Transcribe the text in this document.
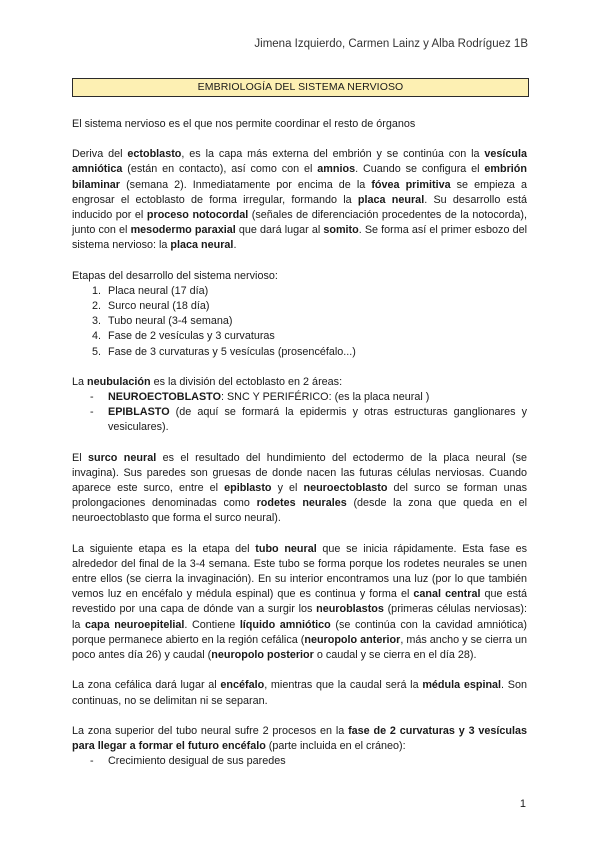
Jimena Izquierdo, Carmen Lainz y Alba Rodríguez 1B
EMBRIOLOGÍA DEL SISTEMA NERVIOSO

El sistema nervioso es el que nos permite coordinar el resto de órganos

Deriva del ectoblasto, es la capa más externa del embrión y se continúa con la vesícula amniótica (están en contacto), así como con el amnios. Cuando se configura el embrión bilaminar (semana 2). Inmediatamente por encima de la fóvea primitiva se empieza a engrosar el ectoblasto de forma irregular, formando la placa neural. Su desarrollo está inducido por el proceso notocordal (señales de diferenciación procedentes de la notocorda), junto con el mesodermo paraxial que dará lugar al somito. Se forma así el primer esbozo del sistema nervioso: la placa neural.

Etapas del desarrollo del sistema nervioso:

1. Placa neural (17 día)
2. Surco neural (18 día)
3. Tubo neural (3-4 semana)
4. Fase de 2 vesículas y 3 curvaturas
5. Fase de 3 curvaturas y 5 vesículas (prosencéfalo...)

La neubulación es la división del ectoblasto en 2 áreas:

- NEUROECTOBLASTO: SNC Y PERIFÉRICO: (es la placa neural )
- EPIBLASTO (de aquí se formará la epidermis y otras estructuras ganglionares y vesiculares).

El surco neural es el resultado del hundimiento del ectodermo de la placa neural (se invagina). Sus paredes son gruesas de donde nacen las futuras células nerviosas. Cuando aparece este surco, entre el epiblasto y el neuroectoblasto del surco se forman unas prolongaciones denominadas como rodetes neurales (desde la zona que queda en el neuroectoblasto que forma el surco neural).

La siguiente etapa es la etapa del tubo neural que se inicia rápidamente. Esta fase es alrededor del final de la 3-4 semana. Este tubo se forma porque los rodetes neurales se unen entre ellos (se cierra la invaginación). En su interior encontramos una luz (por lo que también vemos luz en encéfalo y médula espinal) que es continua y forma el canal central que está revestido por una capa de dónde van a surgir los neuroblastos (primeras células nerviosas): la capa neuroepitelial. Contiene líquido amniótico (se continúa con la cavidad amniótica) porque permanece abierto en la región cefálica (neuropolo anterior, más ancho y se cierra un poco antes día 26) y caudal (neuropolo posterior o caudal y se cierra en el día 28).

La zona cefálica dará lugar al encéfalo, mientras que la caudal será la médula espinal. Son continuas, no se delimitan ni se separan.

La zona superior del tubo neural sufre 2 procesos en la fase de 2 curvaturas y 3 vesículas para llegar a formar el futuro encéfalo (parte incluida en el cráneo):

- Crecimiento desigual de sus paredes
1
